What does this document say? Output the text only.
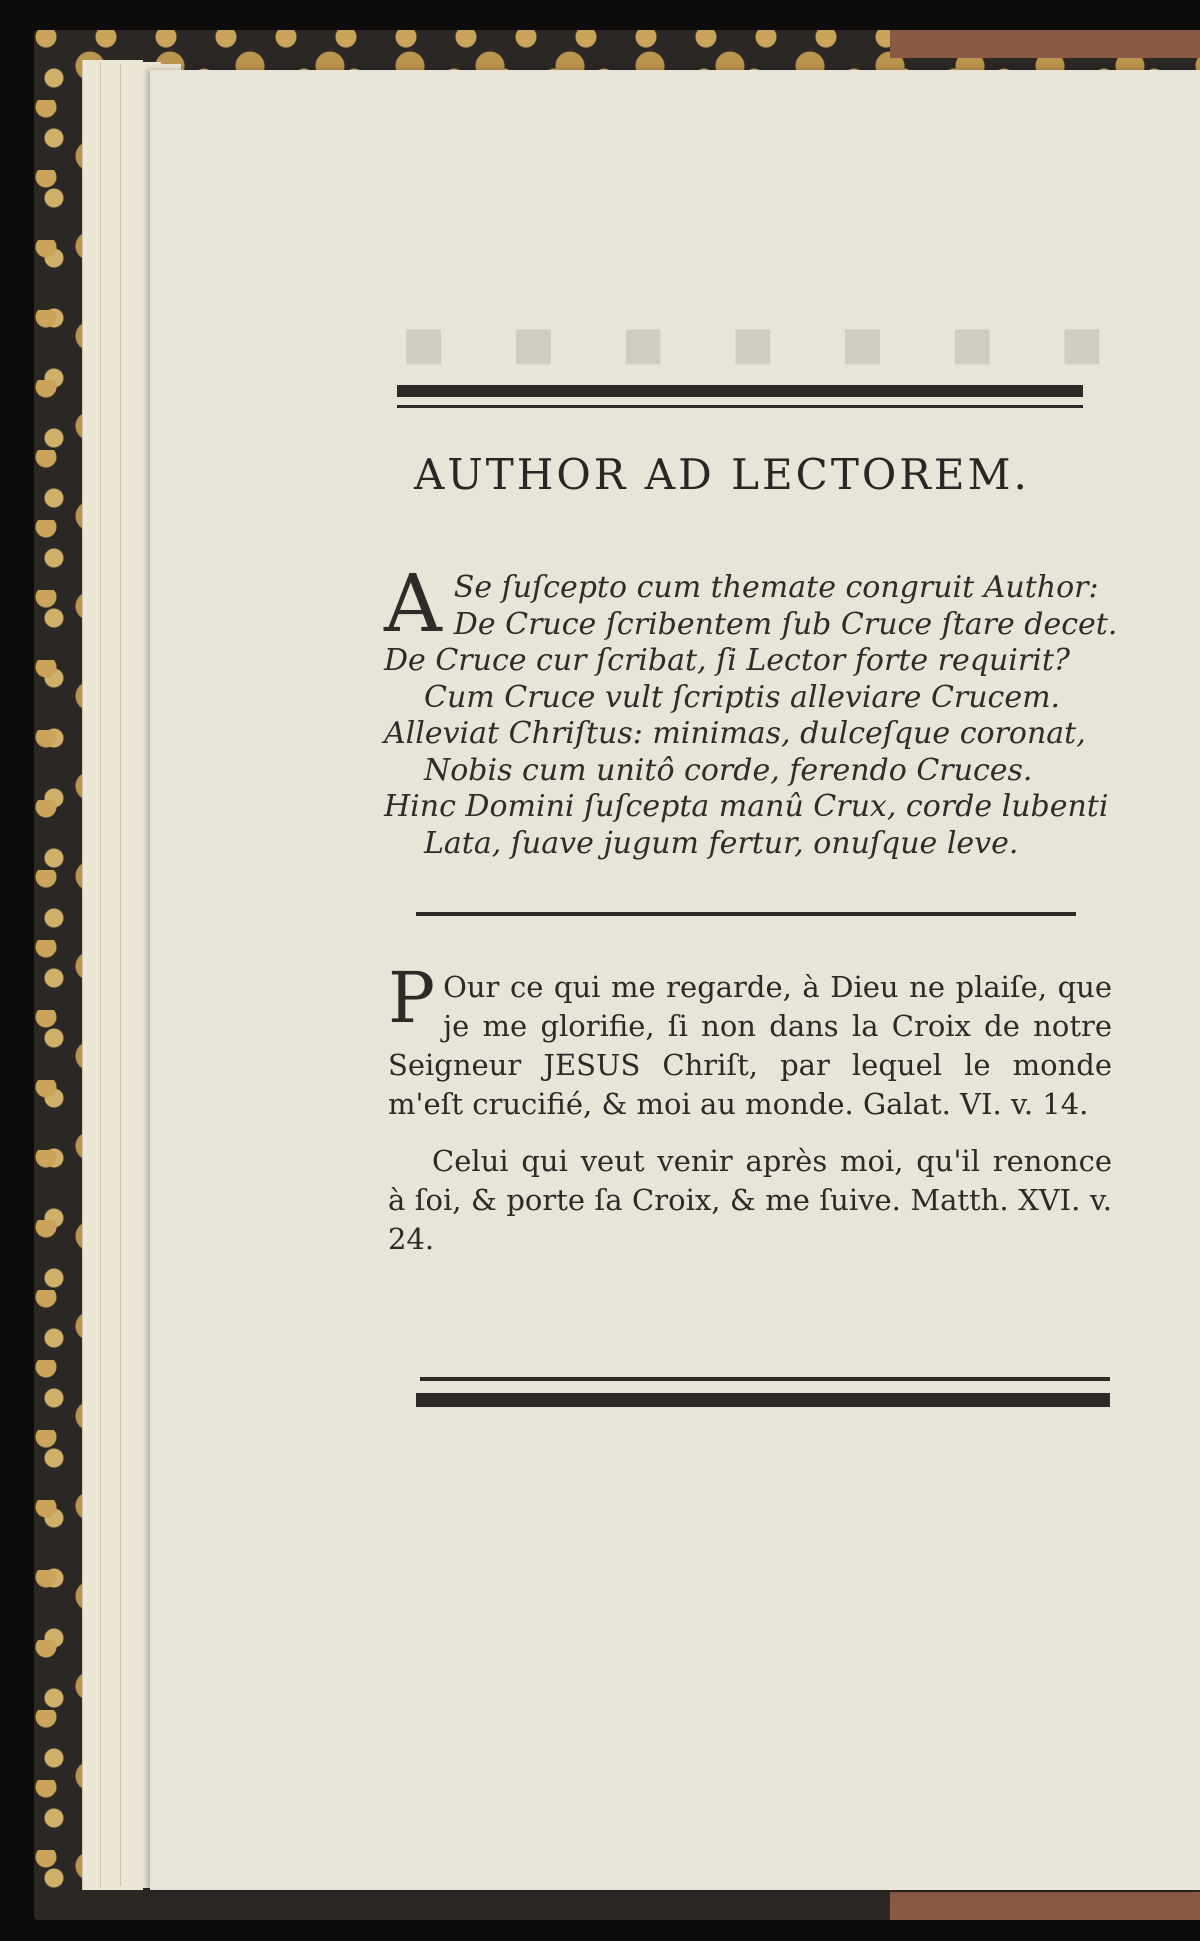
▪ ▪ ▪ ▪ ▪ ▪ ▪
AUTHOR AD LECTOREM.
A Se ſuſcepto cum themate congruit Author:
De Cruce ſcribentem ſub Cruce ſtare decet.
De Cruce cur ſcribat, ſi Lector forte requirit?
Cum Cruce vult ſcriptis alleviare Crucem.
Alleviat Chriſtus: minimas, dulceſque coronat,
Nobis cum unitô corde, ferendo Cruces.
Hinc Domini ſuſcepta manû Crux, corde lubenti
Lata, ſuave jugum fertur, onuſque leve.

P Our ce qui me regarde, à Dieu ne plaiſe, que je me glorifie, ſi non dans la Croix de notre Seigneur JESUS Chriſt, par lequel le monde m'eſt crucifié, & moi au monde. Galat. VI. v. 14.

Celui qui veut venir après moi, qu'il renonce à ſoi, & porte ſa Croix, & me ſuive. Matth. XVI. v. 24.
